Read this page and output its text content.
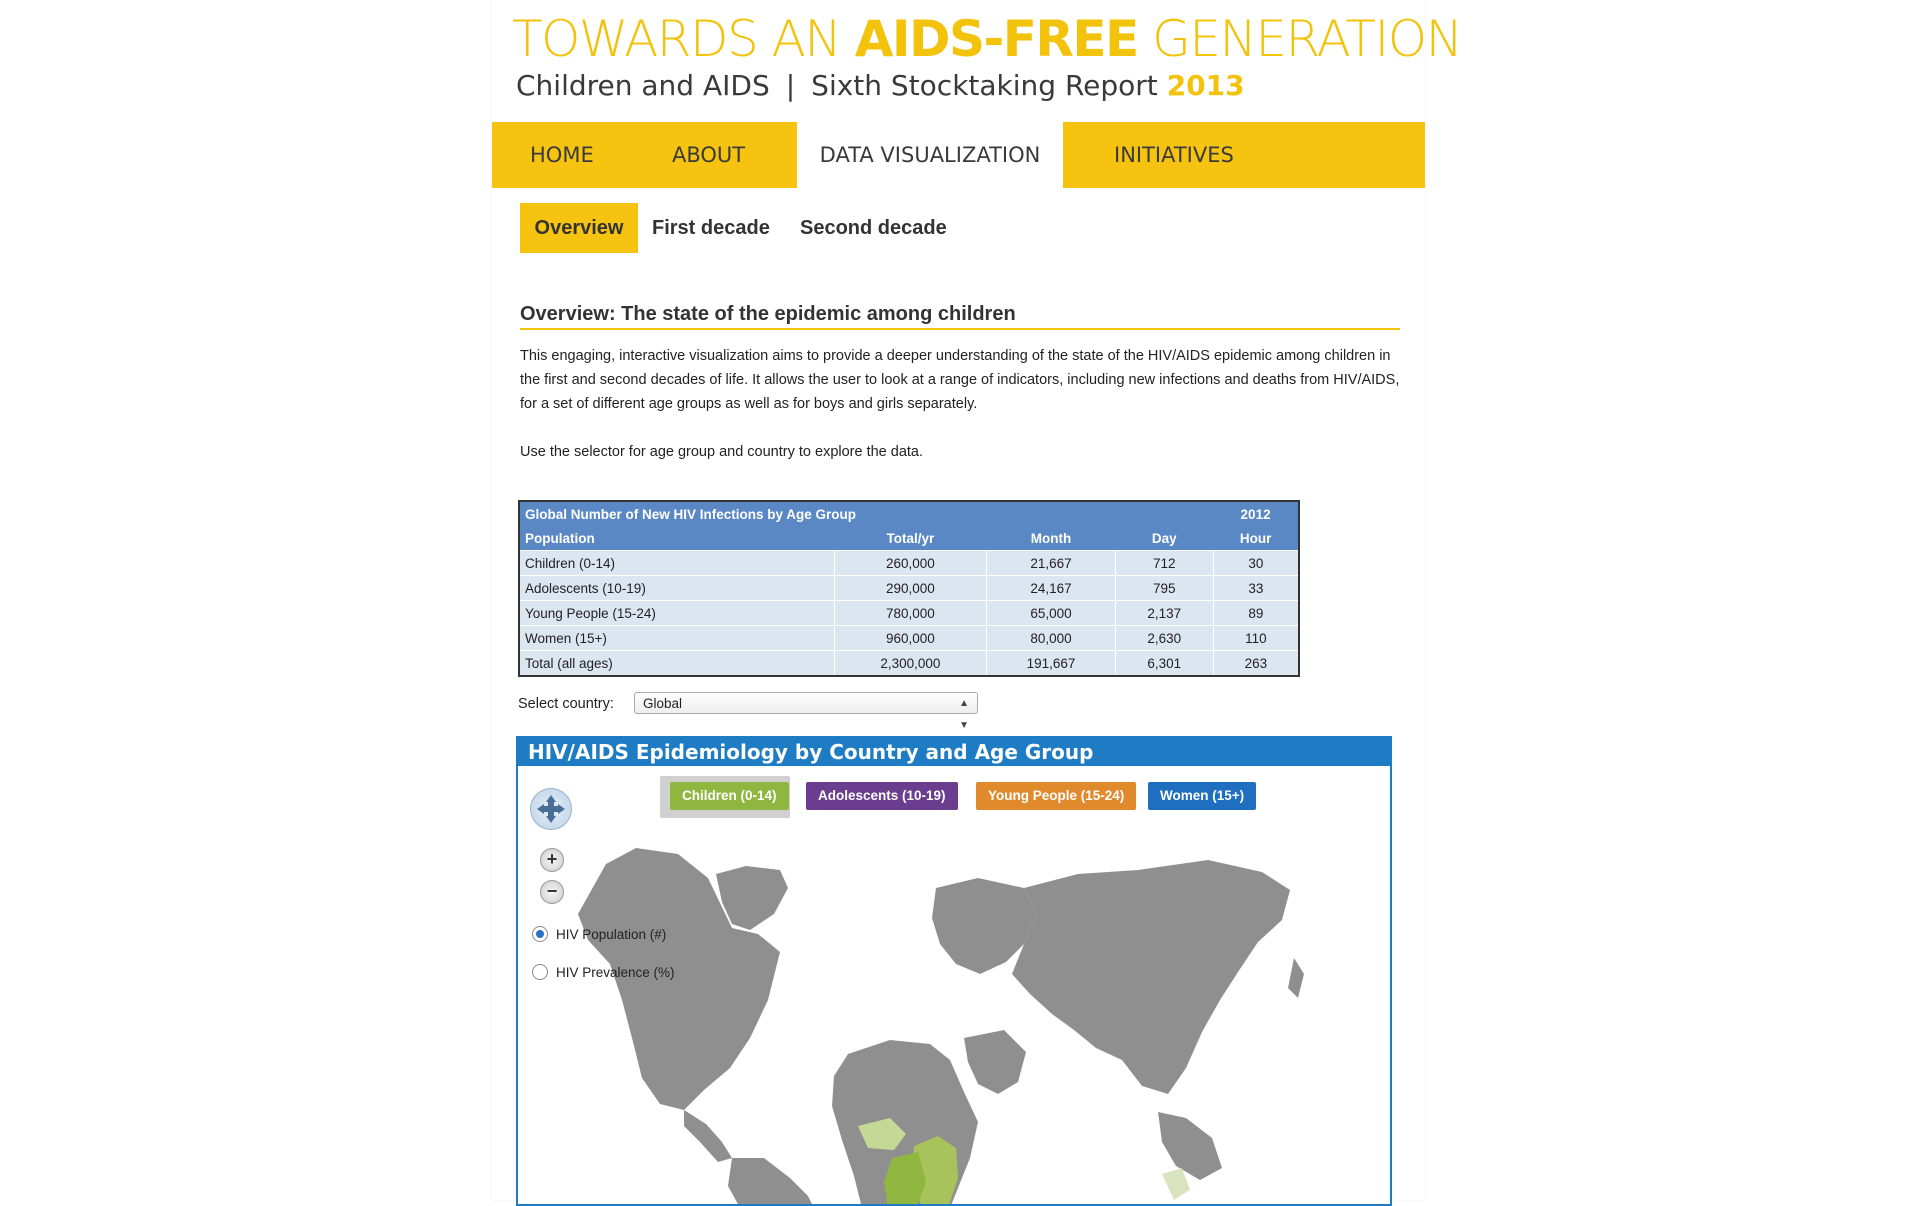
TOWARDS AN AIDS-FREE GENERATION
Children and AIDS | Sixth Stocktaking Report 2013
HOME	ABOUT	DATA VISUALIZATION	INITIATIVES
Overview	First decade Second decade
Overview: The state of the epidemic among children
This engaging, interactive visualization aims to provide a deeper understanding of the state of the HIV/AIDS epidemic among children in the first and second decades of life. It allows the user to look at a range of indicators, including new infections and deaths from HIV/AIDS, for a set of different age groups as well as for boys and girls separately.
Use the selector for age group and country to explore the data.
Global Number of New HIV Infections by Age Group				2012
Population	Total/yr	Month	Day	Hour
Children (0-14)	260,000	21,667	712	30
Adolescents (10-19)	290,000	24,167	795	33
Young People (15-24)	780,000	65,000	2,137	89
Women (15+)	960,000	80,000	2,630	110
Total (all ages)	2,300,000	191,667	6,301	263
Select country:	Global	▲
▼
HIV/AIDS Epidemiology by Country and Age Group
Children (0-14)	Adolescents (10-19)	Young People (15-24)	Women (15+)
+
−
HIV Population (#)
HIV Prevalence (%)
